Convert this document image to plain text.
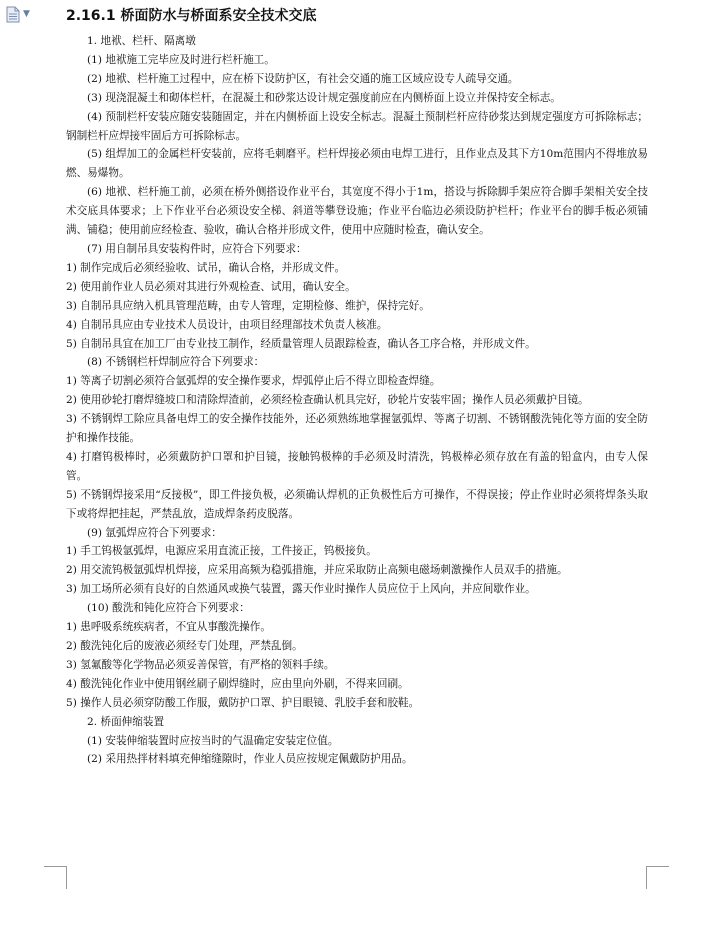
▼	2.16.1 桥面防水与桥面系安全技术交底
1. 地袱、栏杆、隔离墩
(1) 地袱施工完毕应及时进行栏杆施工。
(2) 地袱、栏杆施工过程中，应在桥下设防护区，有社会交通的施工区域应设专人疏导交通。
(3) 现浇混凝土和砌体栏杆，在混凝土和砂浆达设计规定强度前应在内侧桥面上设立并保持安全标志。
(4) 预制栏杆安装应随安装随固定，并在内侧桥面上设安全标志。混凝土预制栏杆应待砂浆达到规定强度方可拆除标志；钢制栏杆应焊接牢固后方可拆除标志。
(5) 组焊加工的金属栏杆安装前，应将毛刺磨平。栏杆焊接必须由电焊工进行，且作业点及其下方10m范围内不得堆放易燃、易爆物。
(6) 地袱、栏杆施工前，必须在桥外侧搭设作业平台，其宽度不得小于1m，搭设与拆除脚手架应符合脚手架相关安全技术交底具体要求；上下作业平台必须设安全梯、斜道等攀登设施；作业平台临边必须设防护栏杆；作业平台的脚手板必须铺满、铺稳；使用前应经检查、验收，确认合格并形成文件，使用中应随时检查，确认安全。
(7) 用自制吊具安装构件时，应符合下列要求：
1) 制作完成后必须经验收、试吊，确认合格，并形成文件。
2) 使用前作业人员必须对其进行外观检查、试用，确认安全。
3) 自制吊具应纳入机具管理范畴，由专人管理，定期检修、维护，保持完好。
4) 自制吊具应由专业技术人员设计，由项目经理部技术负责人核准。
5) 自制吊具宜在加工厂由专业技工制作，经质量管理人员跟踪检查，确认各工序合格，并形成文件。
(8) 不锈钢栏杆焊制应符合下列要求：
1) 等离子切割必须符合氩弧焊的安全操作要求，焊弧停止后不得立即检查焊缝。
2) 使用砂轮打磨焊缝坡口和清除焊渣前，必须经检查确认机具完好，砂轮片安装牢固；操作人员必须戴护目镜。
3) 不锈钢焊工除应具备电焊工的安全操作技能外，还必须熟练地掌握氩弧焊、等离子切割、不锈钢酸洗钝化等方面的安全防护和操作技能。
4) 打磨钨极棒时，必须戴防护口罩和护目镜，接触钨极棒的手必须及时清洗，钨极棒必须存放在有盖的铅盒内，由专人保管。
5) 不锈钢焊接采用“反接极”，即工件接负极，必须确认焊机的正负极性后方可操作，不得误接；停止作业时必须将焊条头取下或将焊把挂起，严禁乱放，造成焊条药皮脱落。
(9) 氩弧焊应符合下列要求：
1) 手工钨极氩弧焊，电源应采用直流正接，工件接正，钨极接负。
2) 用交流钨极氩弧焊机焊接，应采用高频为稳弧措施，并应采取防止高频电磁场刺激操作人员双手的措施。
3) 加工场所必须有良好的自然通风或换气装置，露天作业时操作人员应位于上风向，并应间歇作业。
(10) 酸洗和钝化应符合下列要求：
1) 患呼吸系统疾病者，不宜从事酸洗操作。
2) 酸洗钝化后的废液必须经专门处理，严禁乱倒。
3) 氢氟酸等化学物品必须妥善保管，有严格的领料手续。
4) 酸洗钝化作业中使用钢丝刷子刷焊缝时，应由里向外刷，不得来回刷。
5) 操作人员必须穿防酸工作服，戴防护口罩、护目眼镜、乳胶手套和胶鞋。
2. 桥面伸缩装置
(1) 安装伸缩装置时应按当时的气温确定安装定位值。
(2) 采用热拌材料填充伸缩缝隙时，作业人员应按规定佩戴防护用品。
